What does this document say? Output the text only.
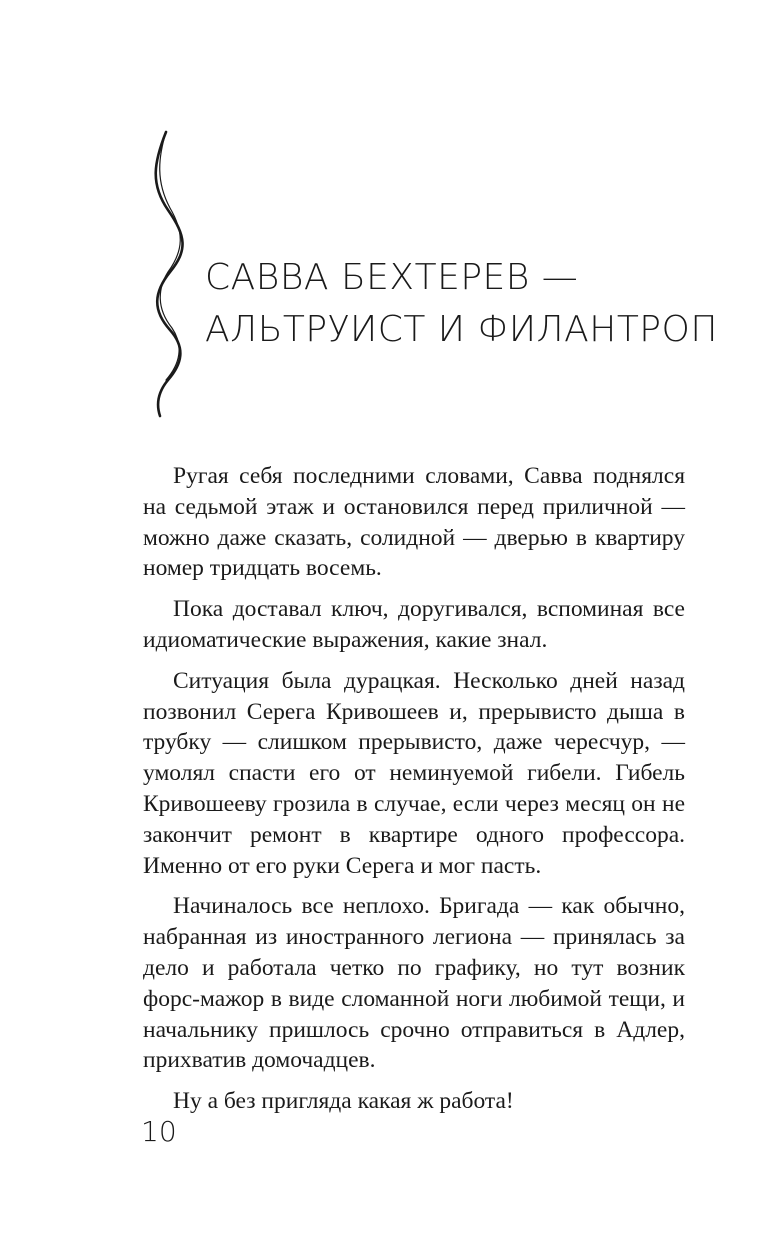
САВВА БЕХТЕРЕВ —
АЛЬТРУИСТ И ФИЛАНТРОП

Ругая себя последними словами, Савва поднялся на седьмой этаж и остановился перед приличной — можно даже сказать, солидной — дверью в квартиру номер тридцать восемь.

Пока доставал ключ, доругивался, вспоминая все идиоматические выражения, какие знал.

Ситуация была дурацкая. Несколько дней назад позвонил Серега Кривошеев и, прерывисто дыша в трубку — слишком прерывисто, даже чересчур, — умолял спасти его от неминуемой гибели. Гибель Кривошееву грозила в случае, если через месяц он не закончит ремонт в квартире одного профессора. Именно от его руки Серега и мог пасть.

Начиналось все неплохо. Бригада — как обычно, набранная из иностранного легиона — принялась за дело и работала четко по графику, но тут возник форс-мажор в виде сломанной ноги любимой тещи, и начальнику пришлось срочно отправиться в Адлер, прихватив домочадцев.

Ну а без пригляда какая ж работа!

10
